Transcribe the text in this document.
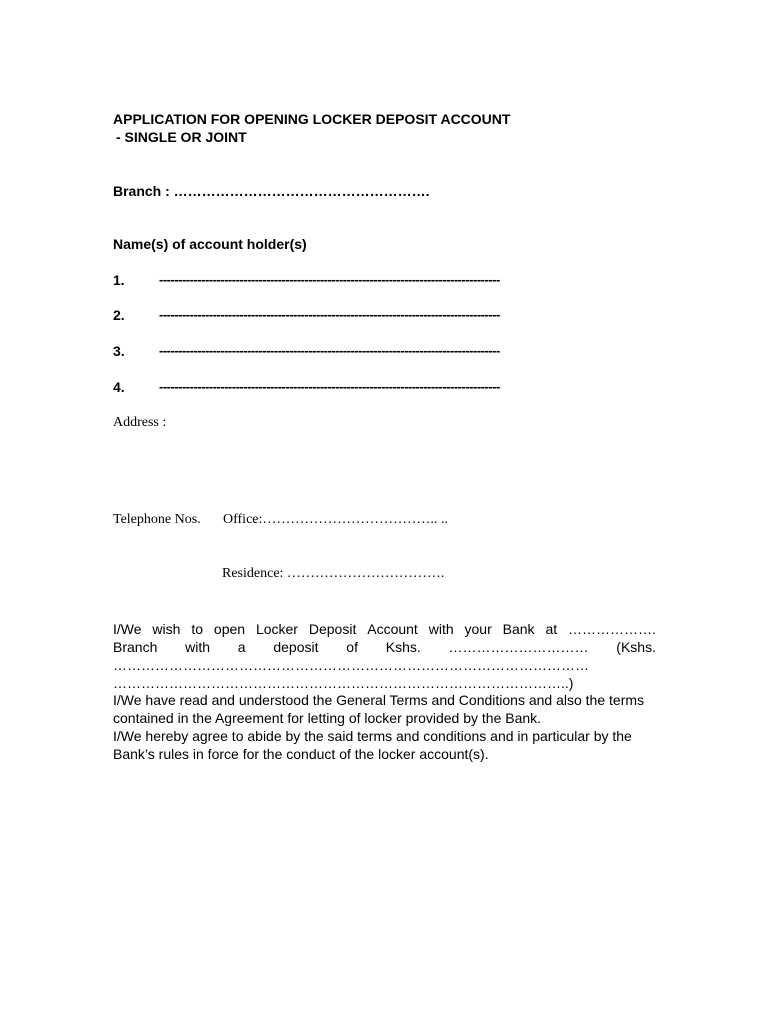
APPLICATION FOR OPENING LOCKER DEPOSIT ACCOUNT
- SINGLE OR JOINT
Branch : ……………………………………………….
Name(s) of account holder(s)
1.	-----------------------------------------------------------------------------------------
2.	-----------------------------------------------------------------------------------------
3.	-----------------------------------------------------------------------------------------
4.	-----------------------------------------------------------------------------------------
Address :
Telephone Nos. Office:……………………………….. ..
Residence: …………………………….
I/We wish to open Locker Deposit Account with your Bank at ……………….
Branch with a deposit of Kshs. ………………………… (Kshs.
…………………………………………………………………………………………
……………………………………………………………………………………..)
I/We have read and understood the General Terms and Conditions and also the terms contained in the Agreement for letting of locker provided by the Bank.
I/We hereby agree to abide by the said terms and conditions and in particular by the Bank’s rules in force for the conduct of the locker account(s).
